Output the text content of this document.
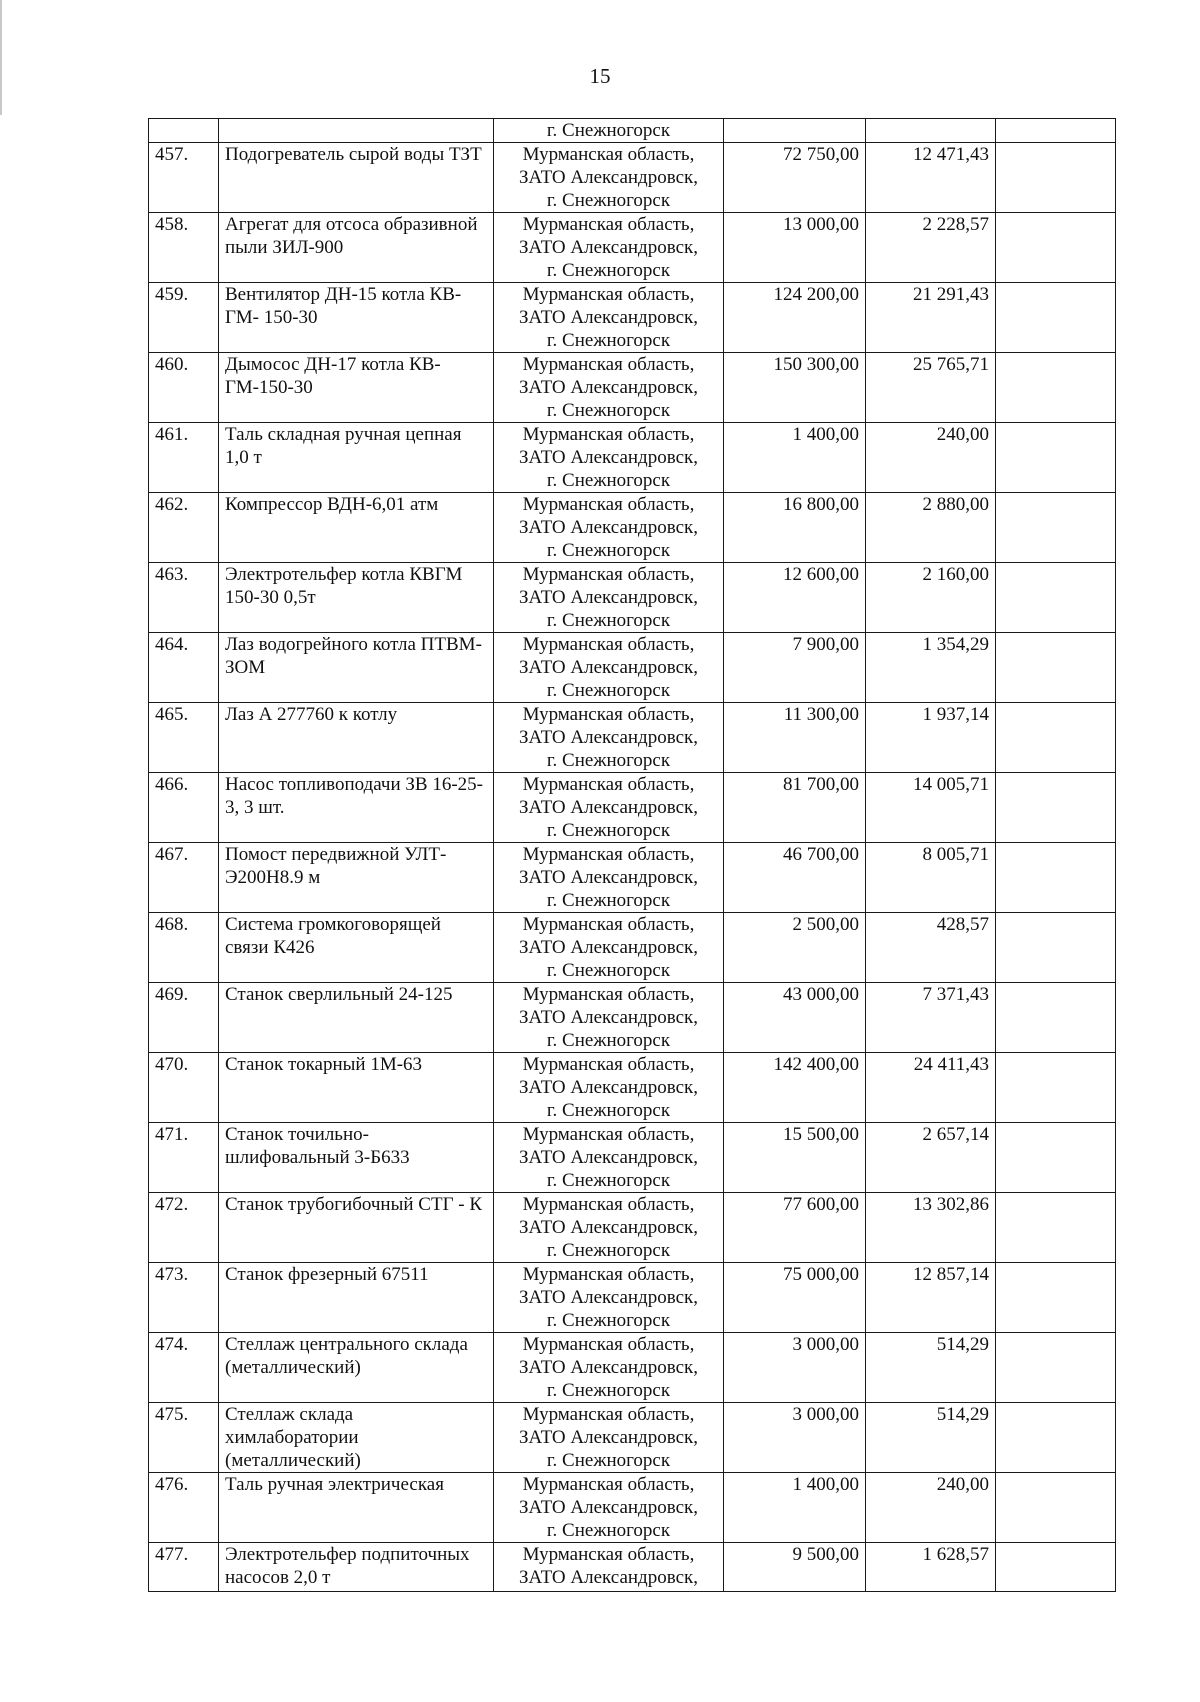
15
		г. Снежногорск			
457.	Подогреватель сырой воды ТЗТ	Мурманская область,
ЗАТО Александровск,
г. Снежногорск	72 750,00	12 471,43	
458.	Агрегат для отсоса образивной пыли ЗИЛ-900	Мурманская область,
ЗАТО Александровск,
г. Снежногорск	13 000,00	2 228,57	
459.	Вентилятор ДН-15 котла КВ-ГМ- 150-30	Мурманская область,
ЗАТО Александровск,
г. Снежногорск	124 200,00	21 291,43	
460.	Дымосос ДН-17 котла КВ-ГМ-150-30	Мурманская область,
ЗАТО Александровск,
г. Снежногорск	150 300,00	25 765,71	
461.	Таль складная ручная цепная 1,0 т	Мурманская область,
ЗАТО Александровск,
г. Снежногорск	1 400,00	240,00	
462.	Компрессор ВДН-6,01 атм	Мурманская область,
ЗАТО Александровск,
г. Снежногорск	16 800,00	2 880,00	
463.	Электротельфер котла КВГМ 150-30 0,5т	Мурманская область,
ЗАТО Александровск,
г. Снежногорск	12 600,00	2 160,00	
464.	Лаз водогрейного котла ПТВМ-ЗОМ	Мурманская область,
ЗАТО Александровск,
г. Снежногорск	7 900,00	1 354,29	
465.	Лаз А 277760 к котлу	Мурманская область,
ЗАТО Александровск,
г. Снежногорск	11 300,00	1 937,14	
466.	Насос топливоподачи ЗВ 16-25-3, 3 шт.	Мурманская область,
ЗАТО Александровск,
г. Снежногорск	81 700,00	14 005,71	
467.	Помост передвижной УЛТ-Э200Н8.9 м	Мурманская область,
ЗАТО Александровск,
г. Снежногорск	46 700,00	8 005,71	
468.	Система громкоговорящей связи К426	Мурманская область,
ЗАТО Александровск,
г. Снежногорск	2 500,00	428,57	
469.	Станок сверлильный 24-125	Мурманская область,
ЗАТО Александровск,
г. Снежногорск	43 000,00	7 371,43	
470.	Станок токарный 1М-63	Мурманская область,
ЗАТО Александровск,
г. Снежногорск	142 400,00	24 411,43	
471.	Станок точильно-шлифовальный 3-Б633	Мурманская область,
ЗАТО Александровск,
г. Снежногорск	15 500,00	2 657,14	
472.	Станок трубогибочный СТГ - К	Мурманская область,
ЗАТО Александровск,
г. Снежногорск	77 600,00	13 302,86	
473.	Станок фрезерный 67511	Мурманская область,
ЗАТО Александровск,
г. Снежногорск	75 000,00	12 857,14	
474.	Стеллаж центрального склада (металлический)	Мурманская область,
ЗАТО Александровск,
г. Снежногорск	3 000,00	514,29	
475.	Стеллаж склада химлаборатории (металлический)	Мурманская область,
ЗАТО Александровск,
г. Снежногорск	3 000,00	514,29	
476.	Таль ручная электрическая	Мурманская область,
ЗАТО Александровск,
г. Снежногорск	1 400,00	240,00	
477.	Электротельфер подпиточных насосов 2,0 т	Мурманская область,
ЗАТО Александровск,	9 500,00	1 628,57	
